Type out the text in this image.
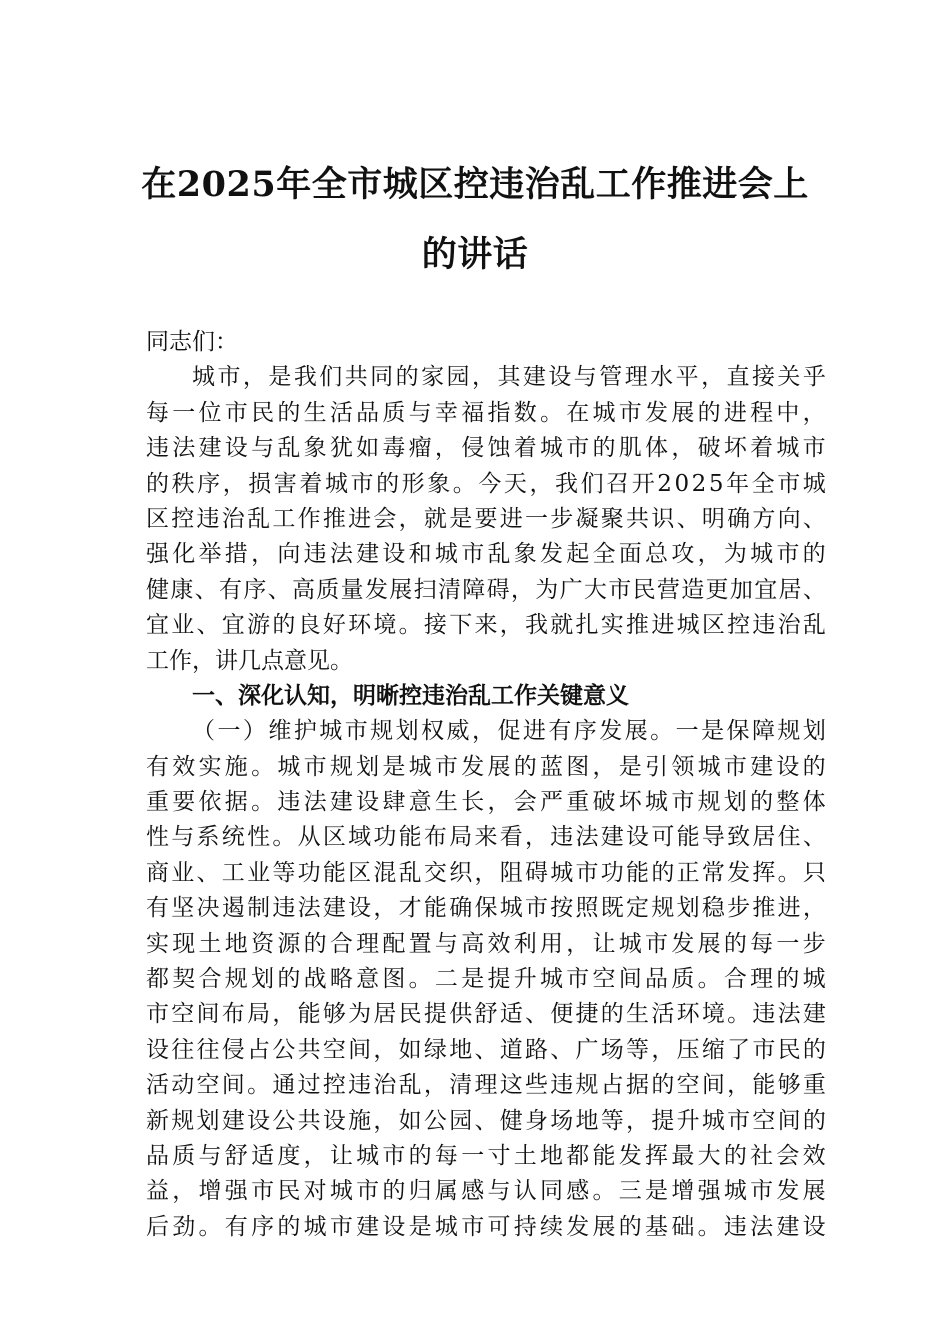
在2025年全市城区控违治乱工作推进会上
的讲话
同志们：
城 市 ， 是 我 们 共 同 的 家 园 ， 其 建 设 与 管 理 水 平 ， 直 接 关 乎
每 一 位 市 民 的 生 活 品 质 与 幸 福 指 数 。 在 城 市 发 展 的 进 程 中 ，
违 法 建 设 与 乱 象 犹 如 毒 瘤 ， 侵 蚀 着 城 市 的 肌 体 ， 破 坏 着 城 市
的 秩 序 ， 损 害 着 城 市 的 形 象 。 今 天 ， 我 们 召 开 2 0 2 5 年 全 市 城
区 控 违 治 乱 工 作 推 进 会 ， 就 是 要 进 一 步 凝 聚 共 识 、 明 确 方 向 、
强 化 举 措 ， 向 违 法 建 设 和 城 市 乱 象 发 起 全 面 总 攻 ， 为 城 市 的
健 康 、 有 序 、 高 质 量 发 展 扫 清 障 碍 ， 为 广 大 市 民 营 造 更 加 宜 居 、
宜 业 、 宜 游 的 良 好 环 境 。 接 下 来 ， 我 就 扎 实 推 进 城 区 控 违 治 乱
工作，讲几点意见。
一、深化认知，明晰控违治乱工作关键意义
（ 一 ） 维 护 城 市 规 划 权 威 ， 促 进 有 序 发 展 。 一 是 保 障 规 划
有 效 实 施 。 城 市 规 划 是 城 市 发 展 的 蓝 图 ， 是 引 领 城 市 建 设 的
重 要 依 据 。 违 法 建 设 肆 意 生 长 ， 会 严 重 破 坏 城 市 规 划 的 整 体
性 与 系 统 性 。 从 区 域 功 能 布 局 来 看 ， 违 法 建 设 可 能 导 致 居 住 、
商 业 、 工 业 等 功 能 区 混 乱 交 织 ， 阻 碍 城 市 功 能 的 正 常 发 挥 。 只
有 坚 决 遏 制 违 法 建 设 ， 才 能 确 保 城 市 按 照 既 定 规 划 稳 步 推 进 ，
实 现 土 地 资 源 的 合 理 配 置 与 高 效 利 用 ， 让 城 市 发 展 的 每 一 步
都 契 合 规 划 的 战 略 意 图 。 二 是 提 升 城 市 空 间 品 质 。 合 理 的 城
市 空 间 布 局 ， 能 够 为 居 民 提 供 舒 适 、 便 捷 的 生 活 环 境 。 违 法 建
设 往 往 侵 占 公 共 空 间 ， 如 绿 地 、 道 路 、 广 场 等 ， 压 缩 了 市 民 的
活 动 空 间 。 通 过 控 违 治 乱 ， 清 理 这 些 违 规 占 据 的 空 间 ， 能 够 重
新 规 划 建 设 公 共 设 施 ， 如 公 园 、 健 身 场 地 等 ， 提 升 城 市 空 间 的
品 质 与 舒 适 度 ， 让 城 市 的 每 一 寸 土 地 都 能 发 挥 最 大 的 社 会 效
益 ， 增 强 市 民 对 城 市 的 归 属 感 与 认 同 感 。 三 是 增 强 城 市 发 展
后 劲 。 有 序 的 城 市 建 设 是 城 市 可 持 续 发 展 的 基 础 。 违 法 建 设
